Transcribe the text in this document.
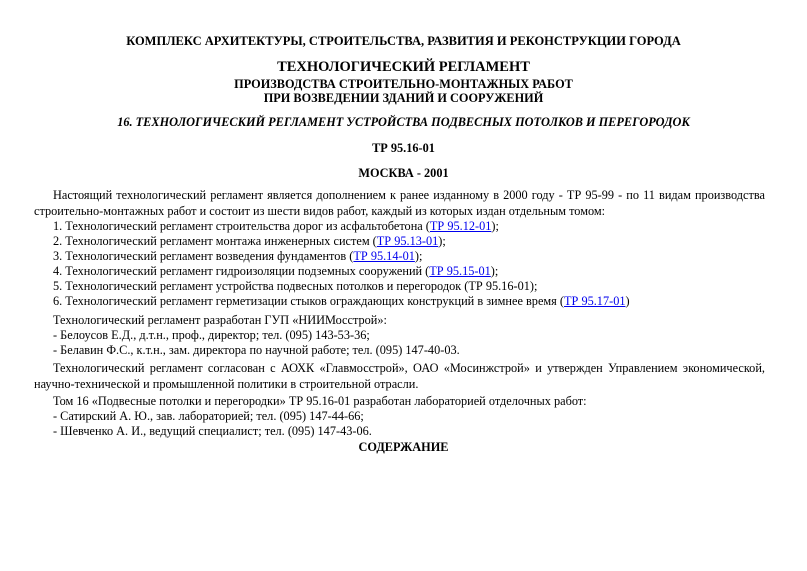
КОМПЛЕКС АРХИТЕКТУРЫ, СТРОИТЕЛЬСТВА, РАЗВИТИЯ И РЕКОНСТРУКЦИИ ГОРОДА
ТЕХНОЛОГИЧЕСКИЙ РЕГЛАМЕНТ
ПРОИЗВОДСТВА СТРОИТЕЛЬНО-МОНТАЖНЫХ РАБОТ
ПРИ ВОЗВЕДЕНИИ ЗДАНИЙ И СООРУЖЕНИЙ
16. ТЕХНОЛОГИЧЕСКИЙ РЕГЛАМЕНТ УСТРОЙСТВА ПОДВЕСНЫХ ПОТОЛКОВ И ПЕРЕГОРОДОК
ТР 95.16-01
МОСКВА - 2001
Настоящий технологический регламент является дополнением к ранее изданному в 2000 году - ТР 95-99 - по 11 видам производства строительно-монтажных работ и состоит из шести видов работ, каждый из которых издан отдельным томом:
1. Технологический регламент строительства дорог из асфальтобетона (ТР 95.12-01);
2. Технологический регламент монтажа инженерных систем (ТР 95.13-01);
3. Технологический регламент возведения фундаментов (ТР 95.14-01);
4. Технологический регламент гидроизоляции подземных сооружений (ТР 95.15-01);
5. Технологический регламент устройства подвесных потолков и перегородок (ТР 95.16-01);
6. Технологический регламент герметизации стыков ограждающих конструкций в зимнее время (ТР 95.17-01)
Технологический регламент разработан ГУП «НИИМосстрой»:
- Белоусов Е.Д., д.т.н., проф., директор; тел. (095) 143-53-36;
- Белавин Ф.С., к.т.н., зам. директора по научной работе; тел. (095) 147-40-03.
Технологический регламент согласован с АОХК «Главмосстрой», ОАО «Мосинжстрой» и утвержден Управлением экономической, научно-технической и промышленной политики в строительной отрасли.
Том 16 «Подвесные потолки и перегородки» ТР 95.16-01 разработан лабораторией отделочных работ:
- Сатирский А. Ю., зав. лабораторией; тел. (095) 147-44-66;
- Шевченко А. И., ведущий специалист; тел. (095) 147-43-06.
СОДЕРЖАНИЕ
